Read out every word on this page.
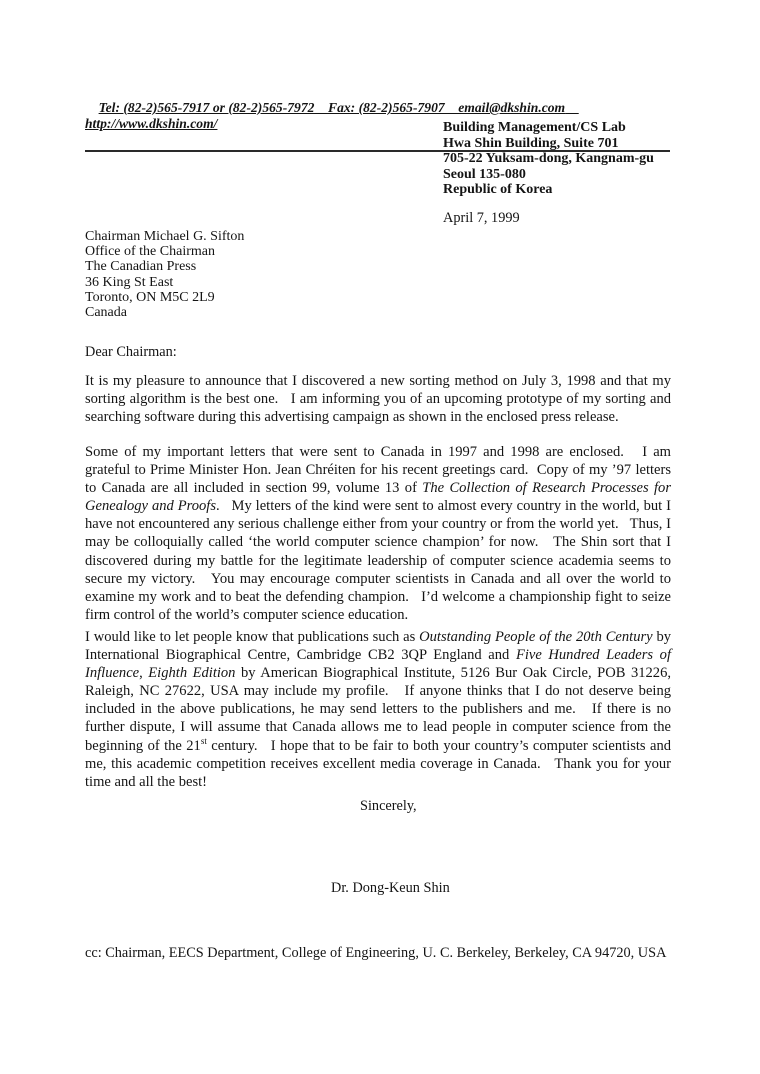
Tel: (82-2)565-7917 or (82-2)565-7972    Fax: (82-2)565-7907    email@dkshin.com    http://www.dkshin.com/
	Building Management/CS Lab
Hwa Shin Building, Suite 701
705-22 Yuksam-dong, Kangnam-gu
Seoul 135-080
Republic of Korea
April 7, 1999
Chairman Michael G. Sifton
Office of the Chairman
The Canadian Press
36 King St East
Toronto, ON M5C 2L9
Canada
Dear Chairman:
It is my pleasure to announce that I discovered a new sorting method on July 3, 1998 and that my sorting algorithm is the best one.   I am informing you of an upcoming prototype of my sorting and searching software during this advertising campaign as shown in the enclosed press release.
Some of my important letters that were sent to Canada in 1997 and 1998 are enclosed.   I am grateful to Prime Minister Hon. Jean Chréiten for his recent greetings card.  Copy of my ’97 letters to Canada are all included in section 99, volume 13 of The Collection of Research Processes for Genealogy and Proofs.   My letters of the kind were sent to almost every country in the world, but I have not encountered any serious challenge either from your country or from the world yet.   Thus, I may be colloquially called ‘the world computer science champion’ for now.   The Shin sort that I discovered during my battle for the legitimate leadership of computer science academia seems to secure my victory.   You may encourage computer scientists in Canada and all over the world to examine my work and to beat the defending champion.   I’d welcome a championship fight to seize firm control of the world’s computer science education.
I would like to let people know that publications such as Outstanding People of the 20th Century by International Biographical Centre, Cambridge CB2 3QP England and Five Hundred Leaders of Influence, Eighth Edition by American Biographical Institute, 5126 Bur Oak Circle, POB 31226, Raleigh, NC 27622, USA may include my profile.   If anyone thinks that I do not deserve being included in the above publications, he may send letters to the publishers and me.   If there is no further dispute, I will assume that Canada allows me to lead people in computer science from the beginning of the 21st century.   I hope that to be fair to both your country’s computer scientists and me, this academic competition receives excellent media coverage in Canada.   Thank you for your time and all the best!
Sincerely,
Dr. Dong-Keun Shin
cc: Chairman, EECS Department, College of Engineering, U. C. Berkeley, Berkeley, CA 94720, USA
